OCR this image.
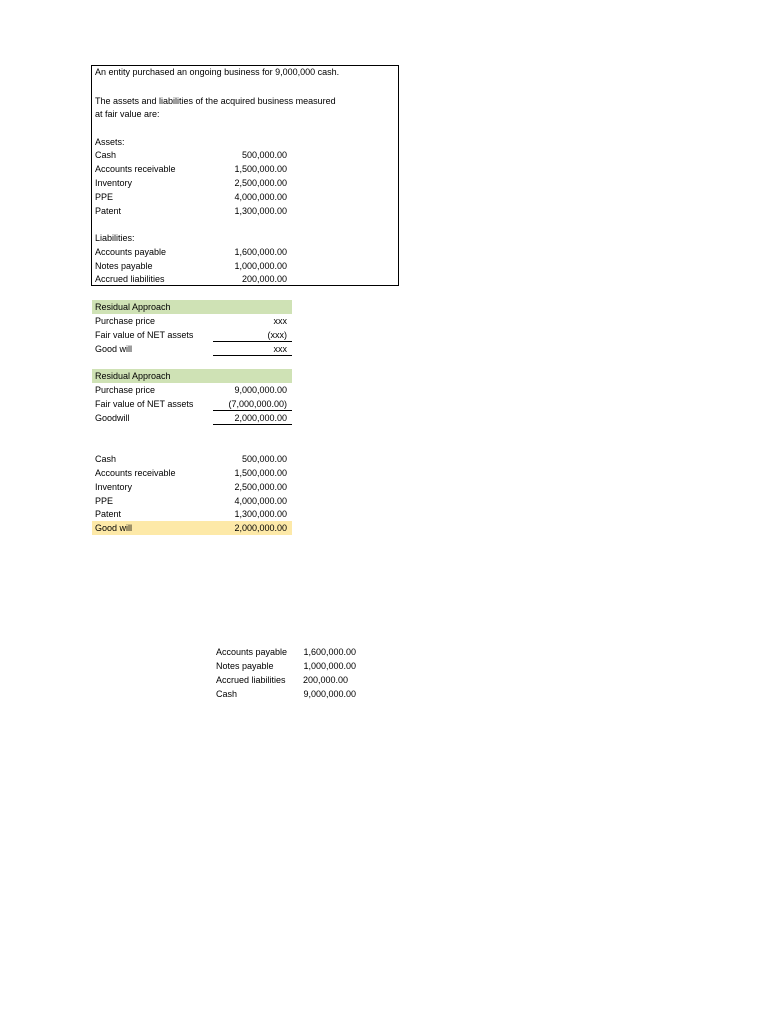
An entity purchased an ongoing business for 9,000,000 cash.
The assets and liabilities of the acquired business measured
at fair value are:
Assets:
Cash	500,000.00
Accounts receivable	1,500,000.00
Inventory	2,500,000.00
PPE	4,000,000.00
Patent	1,300,000.00
Liabilities:
Accounts payable	1,600,000.00
Notes payable	1,000,000.00
Accrued liabilities	200,000.00
Residual Approach
Purchase price	xxx
Fair value of NET assets	(xxx)
Good will	xxx
Residual Approach
Purchase price	9,000,000.00
Fair value of NET assets	(7,000,000.00)
Goodwill	2,000,000.00
Cash	500,000.00
Accounts receivable	1,500,000.00
Inventory	2,500,000.00
PPE	4,000,000.00
Patent	1,300,000.00
Good will	2,000,000.00
Accounts payable	1,600,000.00
Notes payable	1,000,000.00
Accrued liabilities	200,000.00
Cash	9,000,000.00
